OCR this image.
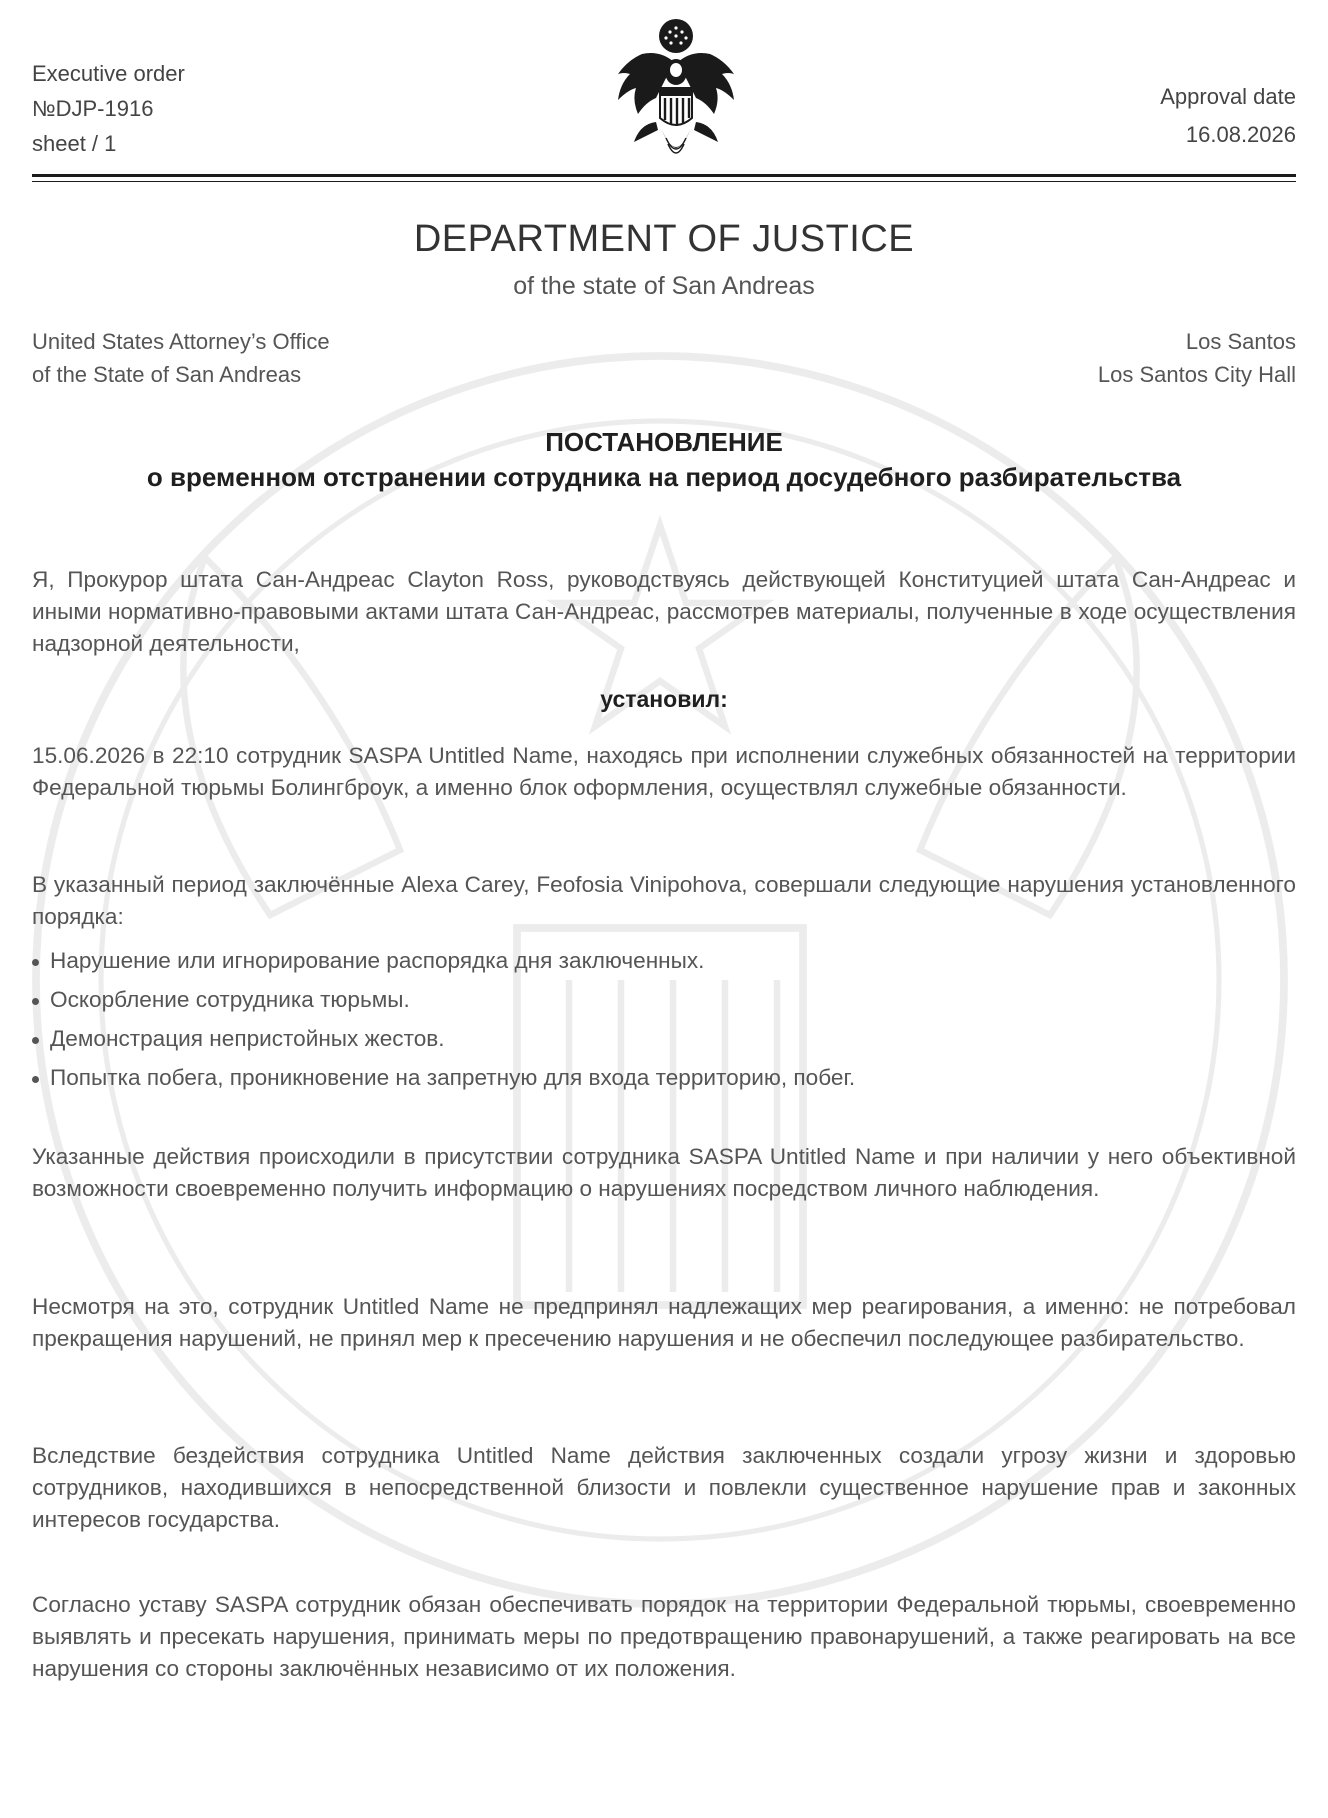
Executive order
№DJP-1916
sheet / 1
Approval date
16.08.2026
DEPARTMENT OF JUSTICE
of the state of San Andreas
United States Attorney’s Office
of the State of San Andreas
Los Santos
Los Santos City Hall
ПОСТАНОВЛЕНИЕ
о временном отстранении сотрудника на период досудебного разбирательства
Я, Прокурор штата Сан-Андреас Clayton Ross, руководствуясь действующей Конституцией штата Сан-Андреас и иными нормативно-правовыми актами штата Сан-Андреас, рассмотрев материалы, полученные в ходе осуществления надзорной деятельности,
установил:
15.06.2026 в 22:10 сотрудник SASPA Untitled Name, находясь при исполнении служебных обязанностей на территории Федеральной тюрьмы Болингброук, а именно блок оформления, осуществлял служебные обязанности.
В указанный период заключённые Alexa Carey, Feofosia Vinipohova, совершали следующие нарушения установленного порядка:
Нарушение или игнорирование распорядка дня заключенных.
Оскорбление сотрудника тюрьмы.
Демонстрация непристойных жестов.
Попытка побега, проникновение на запретную для входа территорию, побег.
Указанные действия происходили в присутствии сотрудника SASPA Untitled Name и при наличии у него объективной возможности своевременно получить информацию о нарушениях посредством личного наблюдения.
Несмотря на это, сотрудник Untitled Name не предпринял надлежащих мер реагирования, а именно: не потребовал прекращения нарушений, не принял мер к пресечению нарушения и не обеспечил последующее разбирательство.
Вследствие бездействия сотрудника Untitled Name действия заключенных создали угрозу жизни и здоровью сотрудников, находившихся в непосредственной близости и повлекли существенное нарушение прав и законных интересов государства.
Согласно уставу SASPA сотрудник обязан обеспечивать порядок на территории Федеральной тюрьмы, своевременно выявлять и пресекать нарушения, принимать меры по предотвращению правонарушений, а также реагировать на все нарушения со стороны заключённых независимо от их положения.
